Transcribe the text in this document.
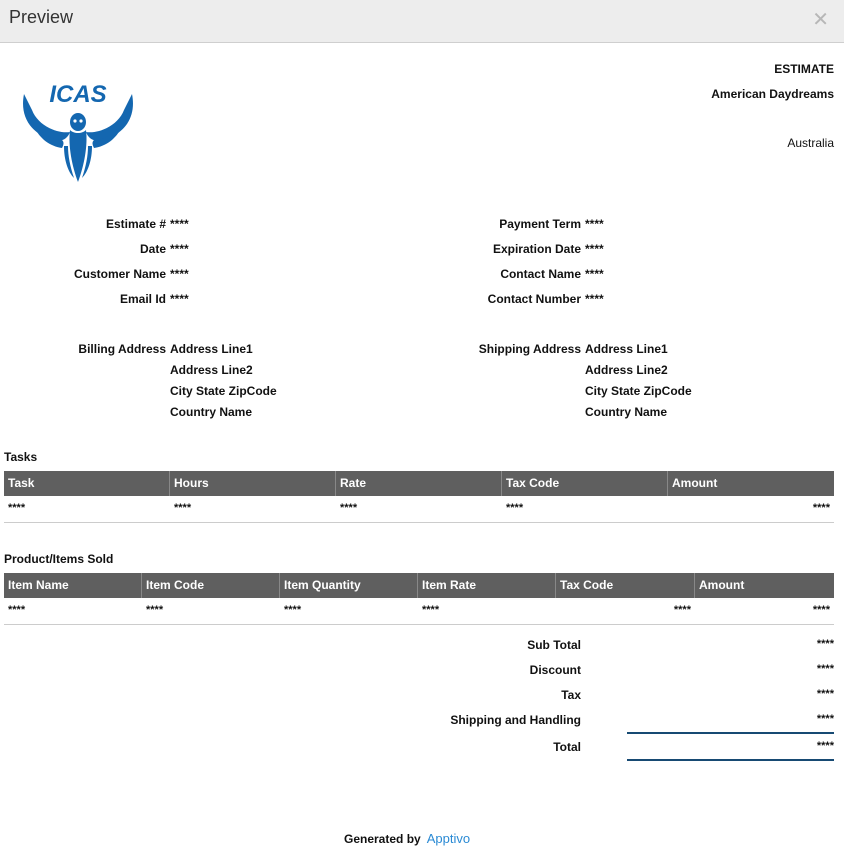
Preview	✕
ICAS
ESTIMATE
American Daydreams
Australia
Estimate # ****
Date ****
Customer Name ****
Email Id ****
Payment Term ****
Expiration Date ****
Contact Name ****
Contact Number ****
Billing Address Address Line1
Address Line2
City State ZipCode
Country Name
Shipping Address Address Line1
Address Line2
City State ZipCode
Country Name
Tasks
Task	Hours	Rate	Tax Code	Amount
****	****	****	****	****
Product/Items Sold
Item Name	Item Code	Item Quantity	Item Rate	Tax Code	Amount
****	****	****	****	****	****
Sub Total	****
Discount	****
Tax	****
Shipping and Handling	****
Total	****
Generated by Apptivo
